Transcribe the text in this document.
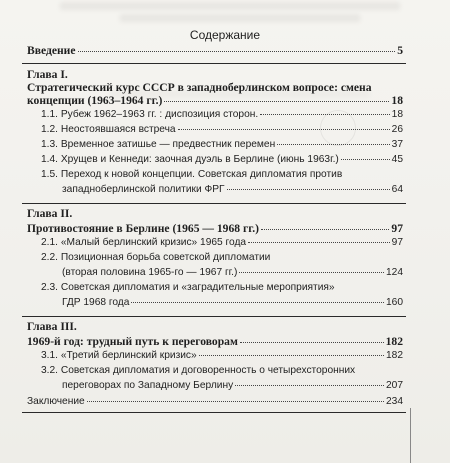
Содержание
Введение	5
Глава I.
Стратегический курс СССР в западноберлинском вопросе: смена
концепции (1963–1964 гг.)	18
1.1. Рубеж 1962–1963 гг. : диспозиция сторон.	18
1.2. Неостоявшаяся встреча	26
1.3. Временное затишье — предвестник перемен	37
1.4. Хрущев и Кеннеди: заочная дуэль в Берлине (июнь 1963г.)	45
1.5. Переход к новой концепции. Советская дипломатия против
западноберлинской политики ФРГ	64
Глава II.
Противостояние в Берлине (1965 — 1968 гг.)	97
2.1. «Малый берлинский кризис» 1965 года	97
2.2. Позиционная борьба советской дипломатии
(вторая половина 1965-го — 1967 гг.)	124
2.3. Советская дипломатия и «заградительные мероприятия»
ГДР 1968 года	160
Глава III.
1969-й год: трудный путь к переговорам	182
3.1. «Третий берлинский кризис»	182
3.2. Советская дипломатия и договоренность о четырехсторонних
переговорах по Западному Берлину	207
Заключение	234
